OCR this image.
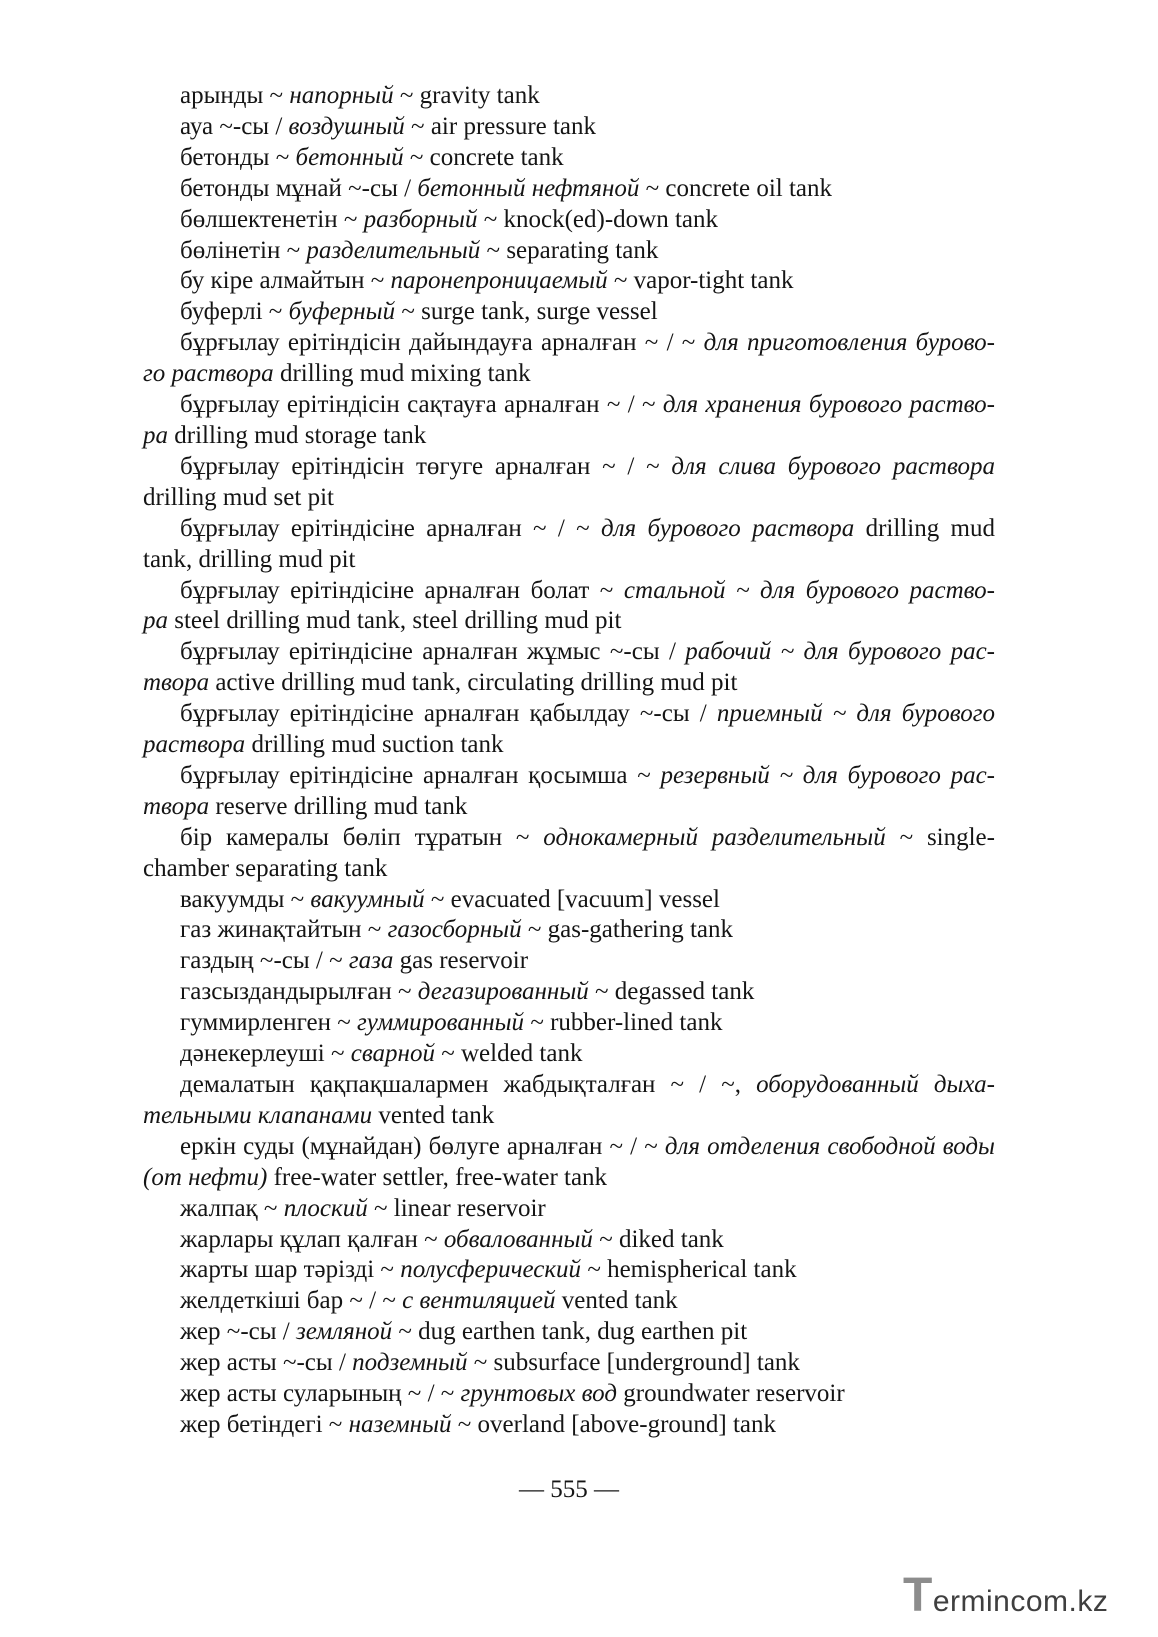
арынды ~ напорный ~ gravity tank
ауа ~-сы / воздушный ~ air pressure tank
бетонды ~ бетонный ~ concrete tank
бетонды мұнай ~-сы / бетонный нефтяной ~ concrete oil tank
бөлшектенетін ~ разборный ~ knock(ed)-down tank
бөлінетін ~ разделительный ~ separating tank
бу кіре алмайтын ~ паронепроницаемый ~ vapor-tight tank
буферлі ~ буферный ~ surge tank, surge vessel
бұрғылау ерітіндісін дайындауға арналған ~ / ~ для приготовления бурово-
го раствора drilling mud mixing tank
бұрғылау ерітіндісін сақтауға арналған ~ / ~ для хранения бурового раство-
ра drilling mud storage tank
бұрғылау ерітіндісін төгуге арналған ~ / ~ для слива бурового раствора
drilling mud set pit
бұрғылау ерітіндісіне арналған ~ / ~ для бурового раствора drilling mud
tank, drilling mud pit
бұрғылау ерітіндісіне арналған болат ~ стальной ~ для бурового раство-
ра steel drilling mud tank, steel drilling mud pit
бұрғылау ерітіндісіне арналған жұмыс ~-сы / рабочий ~ для бурового рас-
твора active drilling mud tank, circulating drilling mud pit
бұрғылау ерітіндісіне арналған қабылдау ~-сы / приемный ~ для бурового
раствора drilling mud suction tank
бұрғылау ерітіндісіне арналған қосымша ~ резервный ~ для бурового рас-
твора reserve drilling mud tank
бір камералы бөліп тұратын ~ однокамерный разделительный ~ single-
chamber separating tank
вакуумды ~ вакуумный ~ evacuated [vacuum] vessel
газ жинақтайтын ~ газосборный ~ gas-gathering tank
газдың ~-сы / ~ газа gas reservoir
газсыздандырылған ~ дегазированный ~ degassed tank
гуммирленген ~ гуммированный ~ rubber-lined tank
дәнекерлеуші ~ сварной ~ welded tank
демалатын қақпақшалармен жабдықталған ~ / ~, оборудованный дыха-
тельными клапанами vented tank
еркін суды (мұнайдан) бөлуге арналған ~ / ~ для отделения свободной воды
(от нефти) free-water settler, free-water tank
жалпақ ~ плоский ~ linear reservoir
жарлары құлап қалған ~ обвалованный ~ diked tank
жарты шар тәрізді ~ полусферический ~ hemispherical tank
желдеткіші бар ~ / ~ с вентиляцией vented tank
жер ~-сы / земляной ~ dug earthen tank, dug earthen pit
жер асты ~-сы / подземный ~ subsurface [underground] tank
жер асты суларының ~ / ~ грунтовых вод groundwater reservoir
жер бетіндегі ~ наземный ~ overland [above-ground] tank
— 555 —
Termincom.kz
